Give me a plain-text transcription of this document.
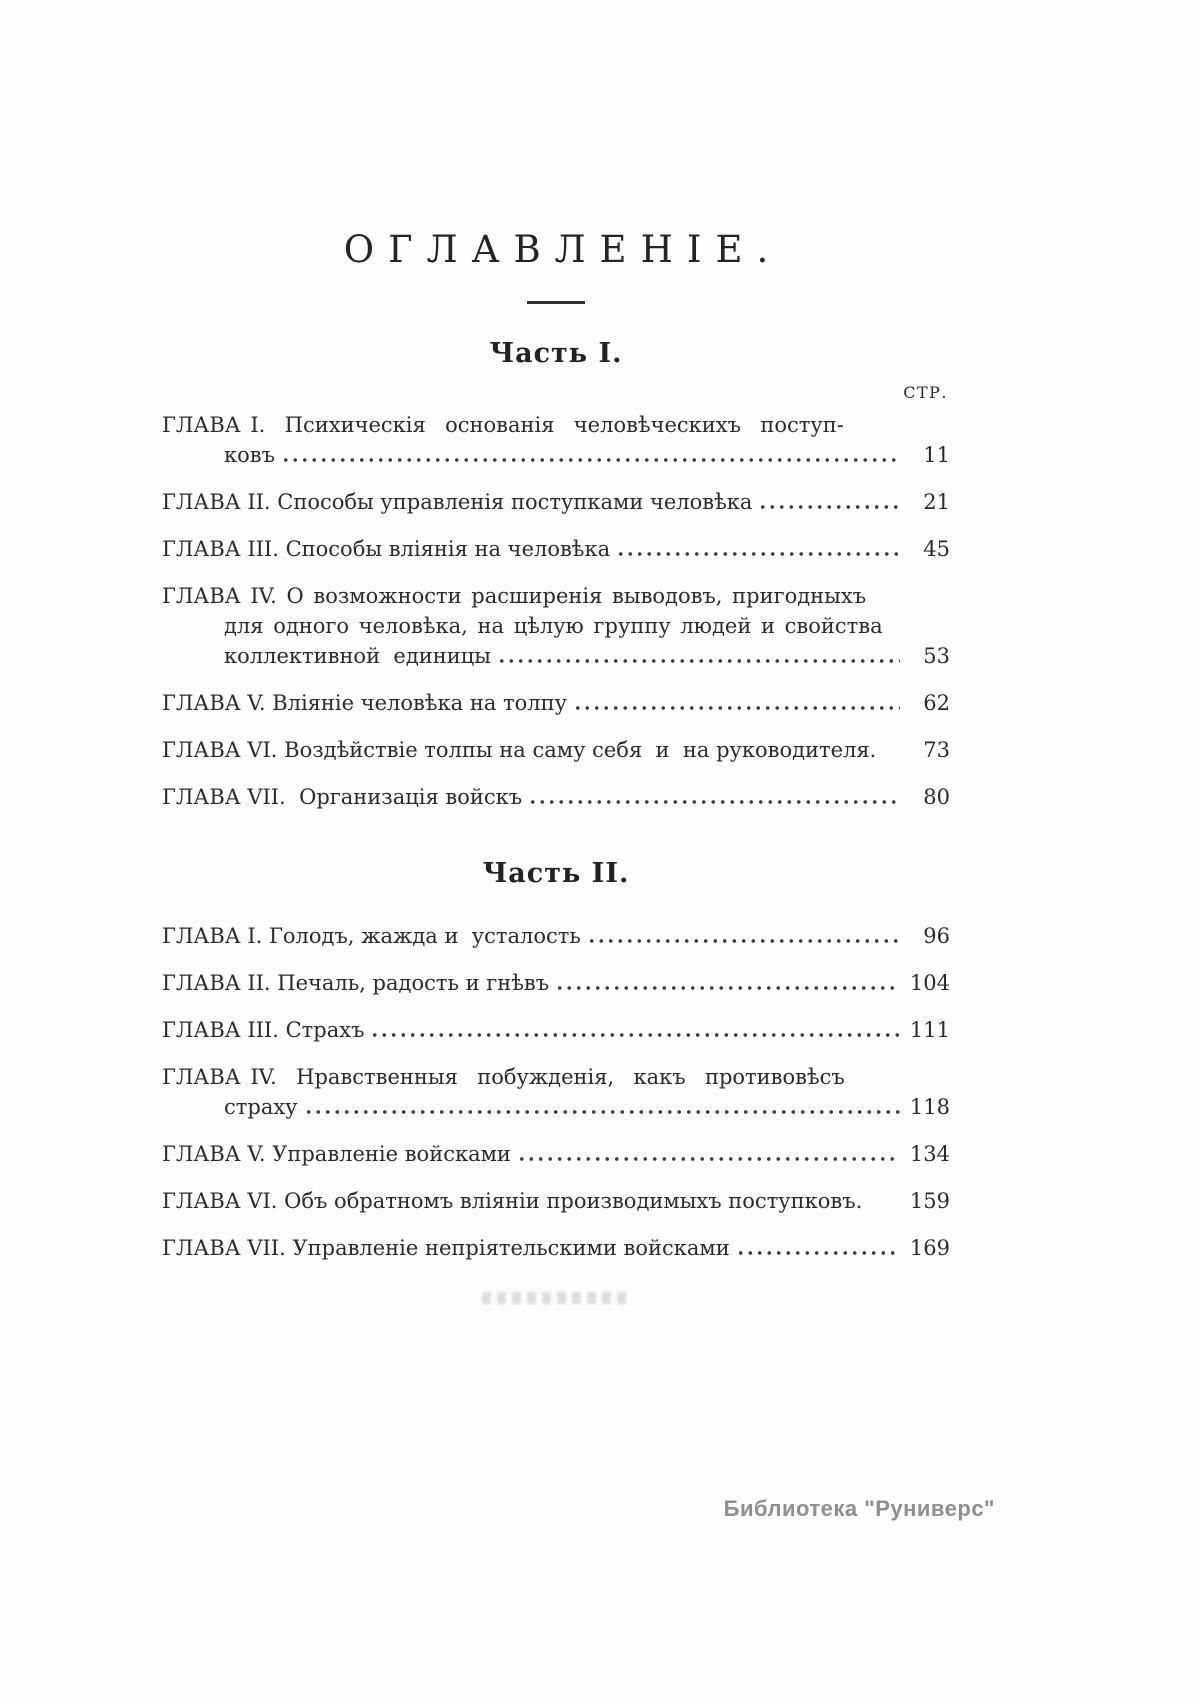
ОГЛАВЛЕНІЕ.
Часть I.
СТР.
ГЛАВА I.  Психическія  основанія  человѣческихъ  поступ-
ковъ	11
ГЛАВА II. Способы управленія поступками человѣка	21
ГЛАВА III. Способы вліянія на человѣка	45
ГЛАВА IV. О возможности расширенія выводовъ, пригодныхъ
для одного человѣка, на цѣлую группу людей и свойства
коллективной  единицы	53
ГЛАВА V. Вліяніе человѣка на толпу	62
ГЛАВА VI. Воздѣйствіе толпы на саму себя  и  на руководителя.	73
ГЛАВА VII.  Организація войскъ	80
Часть II.
ГЛАВА I. Голодъ, жажда и  усталость	96
ГЛАВА II. Печаль, радость и гнѣвъ	104
ГЛАВА III. Страхъ	111
ГЛАВА IV.  Нравственныя  побужденія,  какъ  противовѣсъ
страху	118
ГЛАВА V. Управленіе войсками	134
ГЛАВА VI. Объ обратномъ вліяніи производимыхъ поступковъ. 159
ГЛАВА VII. Управленіе непріятельскими войсками	169
Библиотека "Руниверс"
